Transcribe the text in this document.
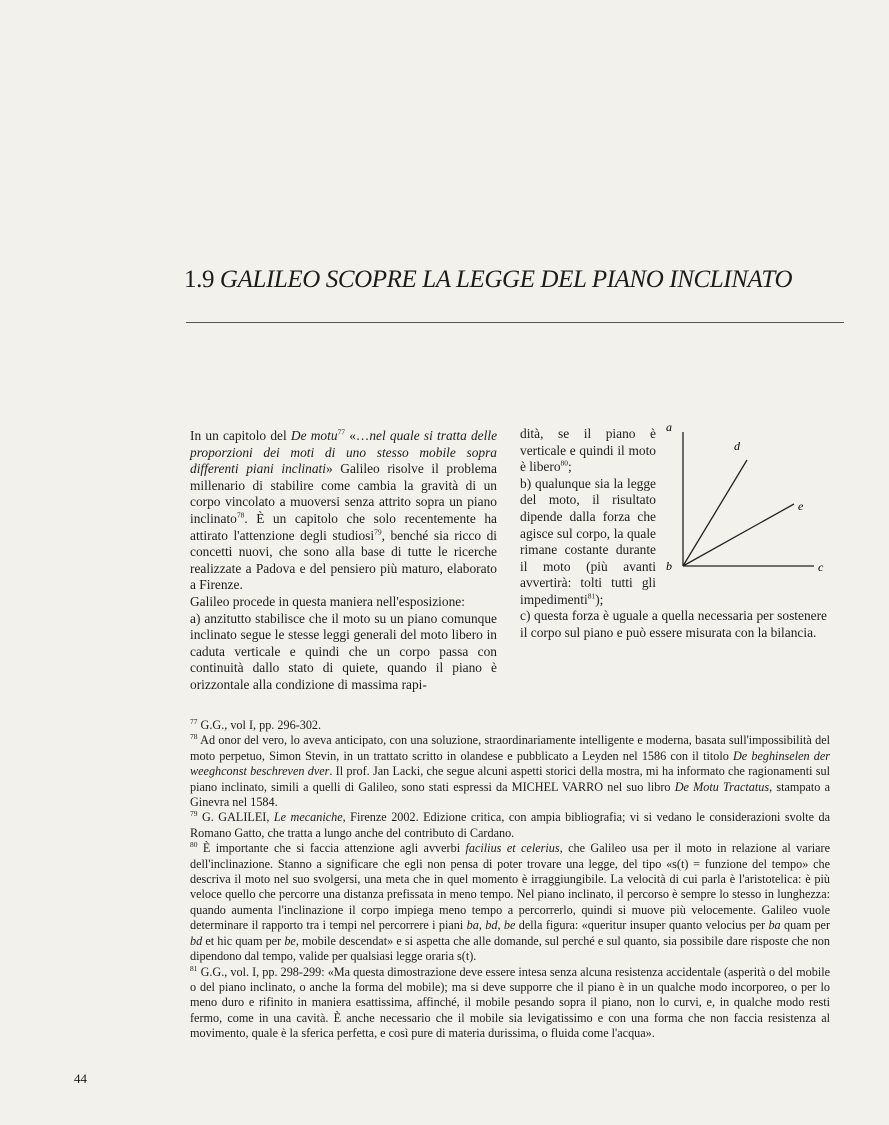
1.9 GALILEO SCOPRE LA LEGGE DEL PIANO INCLINATO

In un capitolo del De motu$^{77}$ «…nel quale si tratta delle proporzioni dei moti di uno stesso mobile sopra differenti piani inclinati» Galileo risolve il problema millenario di stabilire come cambia la gravità di un corpo vincolato a muoversi senza attrito sopra un piano inclinato$^{78}$. È un capitolo che solo recentemente ha attirato l'attenzione degli studiosi$^{79}$, benché sia ricco di concetti nuovi, che sono alla base di tutte le ricerche realizzate a Padova e del pensiero più maturo, elaborato a Firenze.

Galileo procede in questa maniera nell'esposizione:

a) anzitutto stabilisce che il moto su un piano comunque inclinato segue le stesse leggi generali del moto libero in caduta verticale e quindi che un corpo passa con continuità dallo stato di quiete, quando il piano è orizzontale alla condizione di massima rapi-

dità, se il piano è verticale e quindi il moto è libero$^{80}$;

b) qualunque sia la legge del moto, il risultato dipende dalla forza che agisce sul corpo, la quale rimane costante durante il moto (più avanti avvertirà: tolti tutti gli impedimenti$^{81}$);

c) questa forza è uguale a quella necessaria per sostenere il corpo sul piano e può essere misurata con la bilancia.

a
d
e
b	c

$^{77}$ G.G., vol I, pp. 296-302.

$^{78}$ Ad onor del vero, lo aveva anticipato, con una soluzione, straordinariamente intelligente e moderna, basata sull'impossibilità del moto perpetuo, Simon Stevin, in un trattato scritto in olandese e pubblicato a Leyden nel 1586 con il titolo De beghinselen der weeghconst beschreven dver. Il prof. Jan Lacki, che segue alcuni aspetti storici della mostra, mi ha informato che ragionamenti sul piano inclinato, simili a quelli di Galileo, sono stati espressi da MICHEL VARRO nel suo libro De Motu Tractatus, stampato a Ginevra nel 1584.

$^{79}$ G. GALILEI, Le mecaniche, Firenze 2002. Edizione critica, con ampia bibliografia; vi si vedano le considerazioni svolte da Romano Gatto, che tratta a lungo anche del contributo di Cardano.

$^{80}$ È importante che si faccia attenzione agli avverbi facilius et celerius, che Galileo usa per il moto in relazione al variare dell'inclinazione. Stanno a significare che egli non pensa di poter trovare una legge, del tipo «s(t) = funzione del tempo» che descriva il moto nel suo svolgersi, una meta che in quel momento è irraggiungibile. La velocità di cui parla è l'aristotelica: è più veloce quello che percorre una distanza prefissata in meno tempo. Nel piano inclinato, il percorso è sempre lo stesso in lunghezza: quando aumenta l'inclinazione il corpo impiega meno tempo a percorrerlo, quindi si muove più velocemente. Galileo vuole determinare il rapporto tra i tempi nel percorrere i piani ba, bd, be della figura: «queritur insuper quanto velocius per ba quam per bd et hic quam per be, mobile descendat» e si aspetta che alle domande, sul perché e sul quanto, sia possibile dare risposte che non dipendono dal tempo, valide per qualsiasi legge oraria s(t).

$^{81}$ G.G., vol. I, pp. 298-299: «Ma questa dimostrazione deve essere intesa senza alcuna resistenza accidentale (asperità o del mobile o del piano inclinato, o anche la forma del mobile); ma si deve supporre che il piano è in un qualche modo incorporeo, o per lo meno duro e rifinito in maniera esattissima, affinché, il mobile pesando sopra il piano, non lo curvi, e, in qualche modo resti fermo, come in una cavità. È anche necessario che il mobile sia levigatissimo e con una forma che non faccia resistenza al movimento, quale è la sferica perfetta, e così pure di materia durissima, o fluida come l'acqua».

44
